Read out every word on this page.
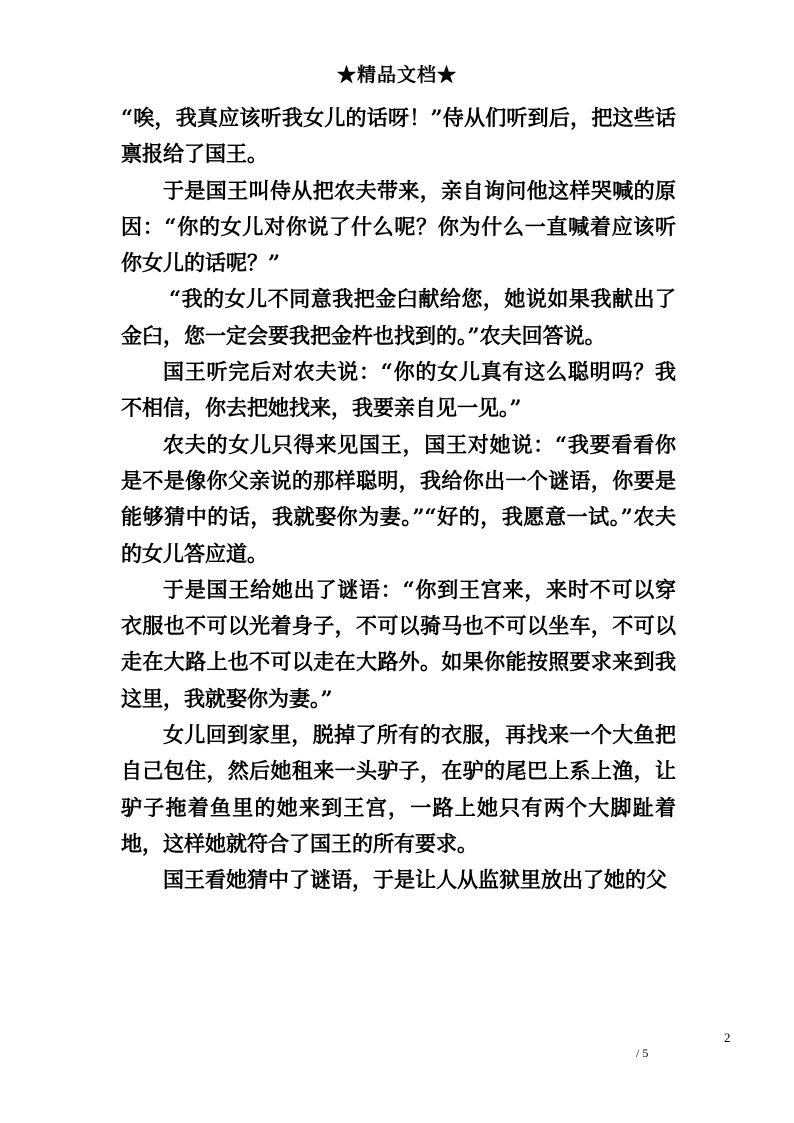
★精品文档★

“唉，我真应该听我女儿的话呀！”侍从们听到后，把这些话禀报给了国王。

于是国王叫侍从把农夫带来，亲自询问他这样哭喊的原因：“你的女儿对你说了什么呢？你为什么一直喊着应该听你女儿的话呢？”

“我的女儿不同意我把金臼献给您，她说如果我献出了金臼，您一定会要我把金杵也找到的。”农夫回答说。

国王听完后对农夫说：“你的女儿真有这么聪明吗？我不相信，你去把她找来，我要亲自见一见。”

农夫的女儿只得来见国王，国王对她说：“我要看看你是不是像你父亲说的那样聪明，我给你出一个谜语，你要是能够猜中的话，我就娶你为妻。”“好的，我愿意一试。”农夫的女儿答应道。

于是国王给她出了谜语：“你到王宫来，来时不可以穿衣服也不可以光着身子，不可以骑马也不可以坐车，不可以走在大路上也不可以走在大路外。如果你能按照要求来到我这里，我就娶你为妻。”

女儿回到家里，脱掉了所有的衣服，再找来一个大鱼把自己包住，然后她租来一头驴子，在驴的尾巴上系上渔，让驴子拖着鱼里的她来到王宫，一路上她只有两个大脚趾着地，这样她就符合了国王的所有要求。

国王看她猜中了谜语，于是让人从监狱里放出了她的父

2
/ 5
